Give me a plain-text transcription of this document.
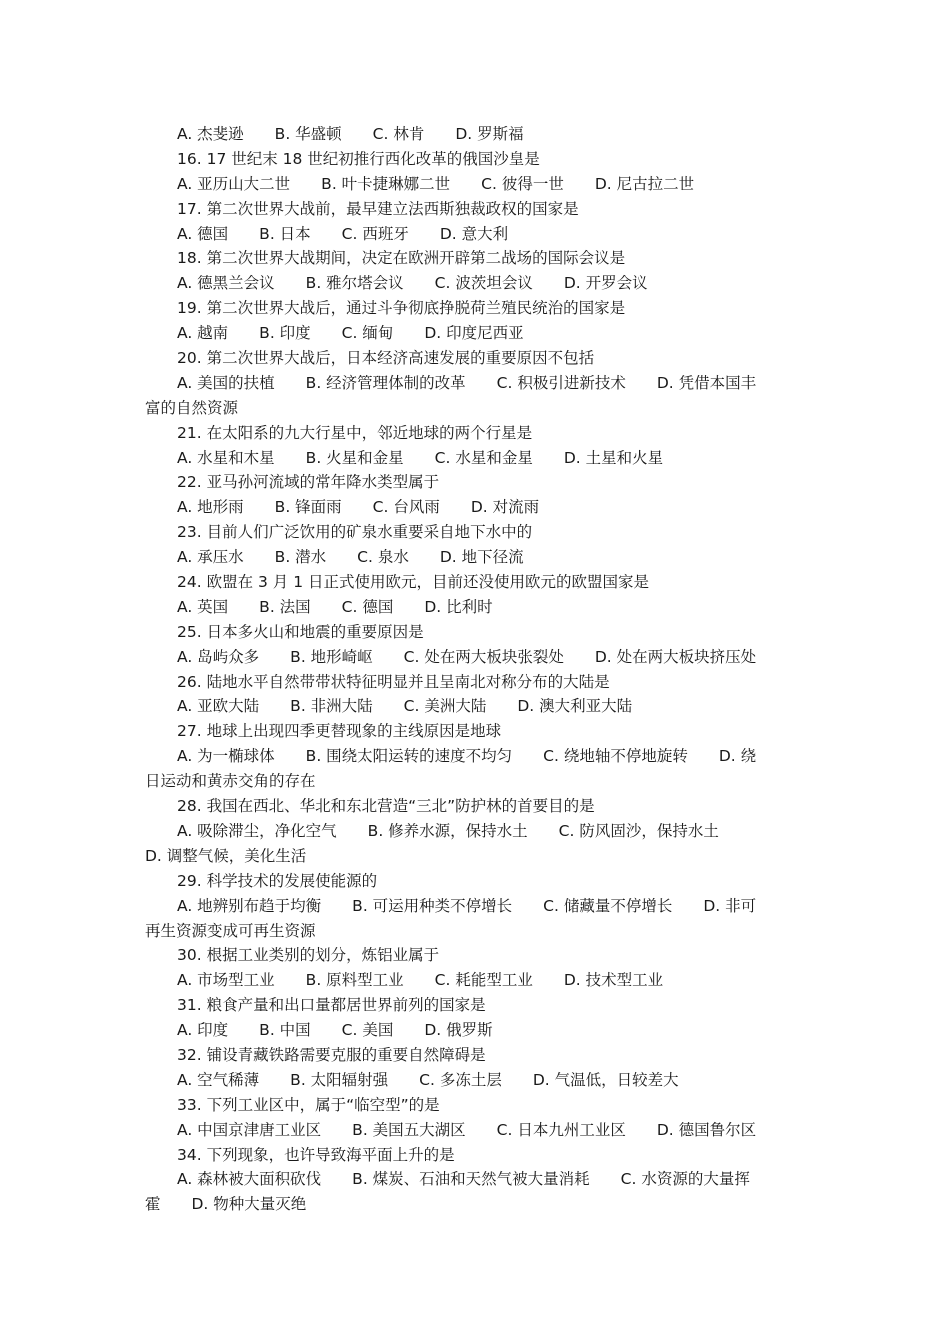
A. 杰斐逊　　B. 华盛顿　　C. 林肯　　D. 罗斯福
16. 17 世纪末 18 世纪初推行西化改革的俄国沙皇是
A. 亚历山大二世　　B. 叶卡捷琳娜二世　　C. 彼得一世　　D. 尼古拉二世
17. 第二次世界大战前，最早建立法西斯独裁政权的国家是
A. 德国　　B. 日本　　C. 西班牙　　D. 意大利
18. 第二次世界大战期间，决定在欧洲开辟第二战场的国际会议是
A. 德黑兰会议　　B. 雅尔塔会议　　C. 波茨坦会议　　D. 开罗会议
19. 第二次世界大战后，通过斗争彻底挣脱荷兰殖民统治的国家是
A. 越南　　B. 印度　　C. 缅甸　　D. 印度尼西亚
20. 第二次世界大战后，日本经济高速发展的重要原因不包括
A. 美国的扶植　　B. 经济管理体制的改革　　C. 积极引进新技术　　D. 凭借本国丰
富的自然资源
21. 在太阳系的九大行星中，邻近地球的两个行星是
A. 水星和木星　　B. 火星和金星　　C. 水星和金星　　D. 土星和火星
22. 亚马孙河流域的常年降水类型属于
A. 地形雨　　B. 锋面雨　　C. 台风雨　　D. 对流雨
23. 目前人们广泛饮用的矿泉水重要采自地下水中的
A. 承压水　　B. 潜水　　C. 泉水　　D. 地下径流
24. 欧盟在 3 月 1 日正式使用欧元，目前还没使用欧元的欧盟国家是
A. 英国　　B. 法国　　C. 德国　　D. 比利时
25. 日本多火山和地震的重要原因是
A. 岛屿众多　　B. 地形崎岖　　C. 处在两大板块张裂处　　D. 处在两大板块挤压处
26. 陆地水平自然带带状特征明显并且呈南北对称分布的大陆是
A. 亚欧大陆　　B. 非洲大陆　　C. 美洲大陆　　D. 澳大利亚大陆
27. 地球上出现四季更替现象的主线原因是地球
A. 为一椭球体　　B. 围绕太阳运转的速度不均匀　　C. 绕地轴不停地旋转　　D. 绕
日运动和黄赤交角的存在
28. 我国在西北、华北和东北营造“三北”防护林的首要目的是
A. 吸除滞尘，净化空气　　B. 修养水源，保持水土　　C. 防风固沙，保持水土
D. 调整气候，美化生活
29. 科学技术的发展使能源的
A. 地辨别布趋于均衡　　B. 可运用种类不停增长　　C. 储藏量不停增长　　D. 非可
再生资源变成可再生资源
30. 根据工业类别的划分，炼铝业属于
A. 市场型工业　　B. 原料型工业　　C. 耗能型工业　　D. 技术型工业
31. 粮食产量和出口量都居世界前列的国家是
A. 印度　　B. 中国　　C. 美国　　D. 俄罗斯
32. 铺设青藏铁路需要克服的重要自然障碍是
A. 空气稀薄　　B. 太阳辐射强　　C. 多冻土层　　D. 气温低，日较差大
33. 下列工业区中，属于“临空型”的是
A. 中国京津唐工业区　　B. 美国五大湖区　　C. 日本九州工业区　　D. 德国鲁尔区
34. 下列现象，也许导致海平面上升的是
A. 森林被大面积砍伐　　B. 煤炭、石油和天然气被大量消耗　　C. 水资源的大量挥
霍　　D. 物种大量灭绝
